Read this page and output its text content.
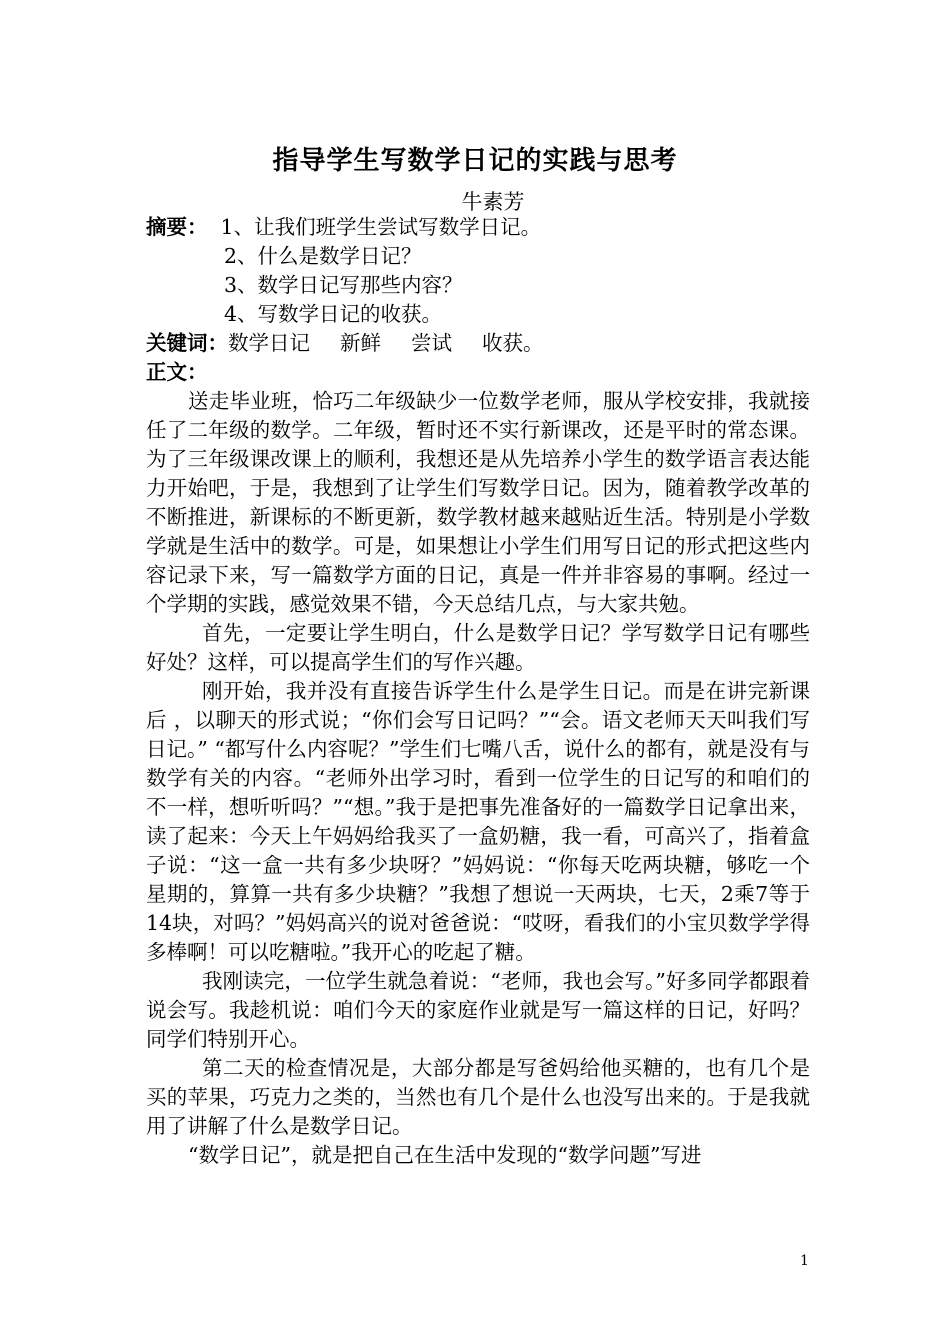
指导学生写数学日记的实践与思考
牛素芳
摘要： 1、让我们班学生尝试写数学日记。
2、什么是数学日记？
3、数学日记写那些内容？
4、写数学日记的收获。
关键词：数学日记 新鲜 尝试 收获。
正文：

送走毕业班，恰巧二年级缺少一位数学老师，服从学校安排，我就接任了二年级的数学。二年级，暂时还不实行新课改，还是平时的常态课。为了三年级课改课上的顺利，我想还是从先培养小学生的数学语言表达能力开始吧，于是，我想到了让学生们写数学日记。因为，随着教学改革的不断推进，新课标的不断更新，数学教材越来越贴近生活。特别是小学数学就是生活中的数学。可是，如果想让小学生们用写日记的形式把这些内容记录下来，写一篇数学方面的日记，真是一件并非容易的事啊。经过一个学期的实践，感觉效果不错，今天总结几点，与大家共勉。

首先，一定要让学生明白，什么是数学日记？学写数学日记有哪些好处？这样，可以提高学生们的写作兴趣。

刚开始，我并没有直接告诉学生什么是学生日记。而是在讲完新课后 ，以聊天的形式说；“你们会写日记吗？”“会。语文老师天天叫我们写日记。” “都写什么内容呢？”学生们七嘴八舌，说什么的都有，就是没有与数学有关的内容。“老师外出学习时，看到一位学生的日记写的和咱们的不一样，想听听吗？”“想。”我于是把事先准备好的一篇数学日记拿出来，读了起来：今天上午妈妈给我买了一盒奶糖，我一看，可高兴了，指着盒子说：“这一盒一共有多少块呀？”妈妈说：“你每天吃两块糖，够吃一个星期的，算算一共有多少块糖？”我想了想说一天两块，七天，2乘7等于14块，对吗？”妈妈高兴的说对爸爸说：“哎呀，看我们的小宝贝数学学得多棒啊！可以吃糖啦。”我开心的吃起了糖。

我刚读完，一位学生就急着说：“老师，我也会写。”好多同学都跟着说会写。我趁机说：咱们今天的家庭作业就是写一篇这样的日记，好吗？同学们特别开心。

第二天的检查情况是，大部分都是写爸妈给他买糖的，也有几个是买的苹果，巧克力之类的，当然也有几个是什么也没写出来的。于是我就用了讲解了什么是数学日记。

“数学日记”，就是把自己在生活中发现的“数学问题”写进

1
